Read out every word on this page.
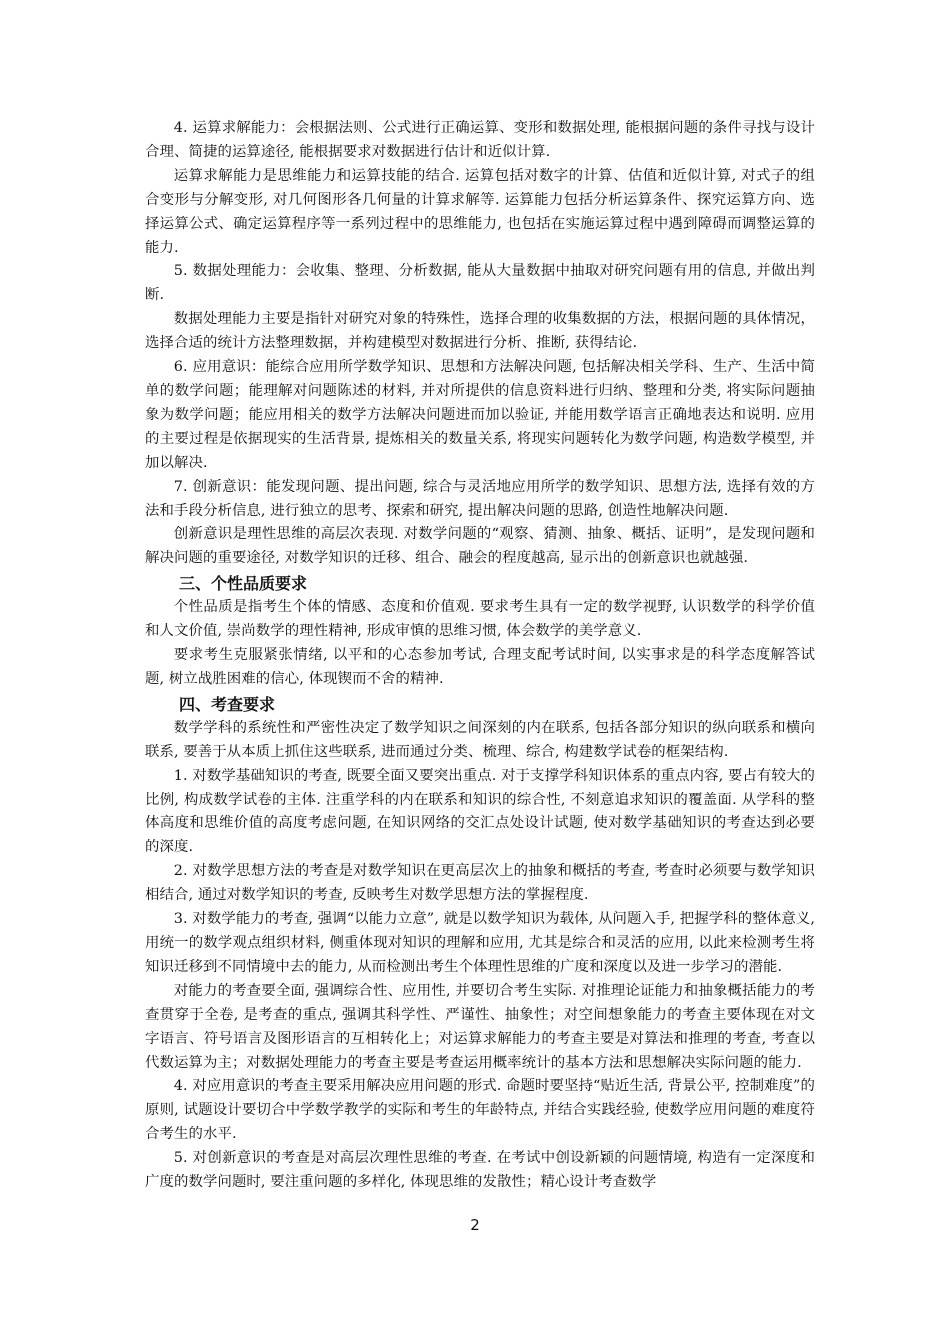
4. 运算求解能力：会根据法则、公式进行正确运算、变形和数据处理, 能根据问题的条件寻找与设计合理、简捷的运算途径, 能根据要求对数据进行估计和近似计算.

运算求解能力是思维能力和运算技能的结合. 运算包括对数字的计算、估值和近似计算, 对式子的组合变形与分解变形, 对几何图形各几何量的计算求解等. 运算能力包括分析运算条件、探究运算方向、选择运算公式、确定运算程序等一系列过程中的思维能力, 也包括在实施运算过程中遇到障碍而调整运算的能力.

5. 数据处理能力：会收集、整理、分析数据, 能从大量数据中抽取对研究问题有用的信息, 并做出判断.

数据处理能力主要是指针对研究对象的特殊性，选择合理的收集数据的方法，根据问题的具体情况，选择合适的统计方法整理数据，并构建模型对数据进行分析、推断, 获得结论.

6. 应用意识：能综合应用所学数学知识、思想和方法解决问题, 包括解决相关学科、生产、生活中简单的数学问题；能理解对问题陈述的材料, 并对所提供的信息资料进行归纳、整理和分类, 将实际问题抽象为数学问题；能应用相关的数学方法解决问题进而加以验证, 并能用数学语言正确地表达和说明. 应用的主要过程是依据现实的生活背景, 提炼相关的数量关系, 将现实问题转化为数学问题, 构造数学模型, 并加以解决.

7. 创新意识：能发现问题、提出问题, 综合与灵活地应用所学的数学知识、思想方法, 选择有效的方法和手段分析信息, 进行独立的思考、探索和研究, 提出解决问题的思路, 创造性地解决问题.

创新意识是理性思维的高层次表现. 对数学问题的“观察、猜测、抽象、概括、证明”，是发现问题和解决问题的重要途径, 对数学知识的迁移、组合、融会的程度越高, 显示出的创新意识也就越强.

三、个性品质要求

个性品质是指考生个体的情感、态度和价值观. 要求考生具有一定的数学视野, 认识数学的科学价值和人文价值, 崇尚数学的理性精神, 形成审慎的思维习惯, 体会数学的美学意义.

要求考生克服紧张情绪, 以平和的心态参加考试, 合理支配考试时间, 以实事求是的科学态度解答试题, 树立战胜困难的信心, 体现锲而不舍的精神.

四、考查要求

数学学科的系统性和严密性决定了数学知识之间深刻的内在联系, 包括各部分知识的纵向联系和横向联系, 要善于从本质上抓住这些联系, 进而通过分类、梳理、综合, 构建数学试卷的框架结构.

1. 对数学基础知识的考查, 既要全面又要突出重点. 对于支撑学科知识体系的重点内容, 要占有较大的比例, 构成数学试卷的主体. 注重学科的内在联系和知识的综合性, 不刻意追求知识的覆盖面. 从学科的整体高度和思维价值的高度考虑问题, 在知识网络的交汇点处设计试题, 使对数学基础知识的考查达到必要的深度.

2. 对数学思想方法的考查是对数学知识在更高层次上的抽象和概括的考查, 考查时必须要与数学知识相结合, 通过对数学知识的考查, 反映考生对数学思想方法的掌握程度.

3. 对数学能力的考查, 强调“以能力立意”, 就是以数学知识为载体, 从问题入手, 把握学科的整体意义, 用统一的数学观点组织材料, 侧重体现对知识的理解和应用, 尤其是综合和灵活的应用, 以此来检测考生将知识迁移到不同情境中去的能力, 从而检测出考生个体理性思维的广度和深度以及进一步学习的潜能.

对能力的考查要全面, 强调综合性、应用性, 并要切合考生实际. 对推理论证能力和抽象概括能力的考查贯穿于全卷, 是考查的重点, 强调其科学性、严谨性、抽象性；对空间想象能力的考查主要体现在对文字语言、符号语言及图形语言的互相转化上；对运算求解能力的考查主要是对算法和推理的考查, 考查以代数运算为主；对数据处理能力的考查主要是考查运用概率统计的基本方法和思想解决实际问题的能力.

4. 对应用意识的考查主要采用解决应用问题的形式. 命题时要坚持“贴近生活, 背景公平, 控制难度”的原则, 试题设计要切合中学数学教学的实际和考生的年龄特点, 并结合实践经验, 使数学应用问题的难度符合考生的水平.

5. 对创新意识的考查是对高层次理性思维的考查. 在考试中创设新颖的问题情境, 构造有一定深度和广度的数学问题时, 要注重问题的多样化, 体现思维的发散性；精心设计考查数学

2
